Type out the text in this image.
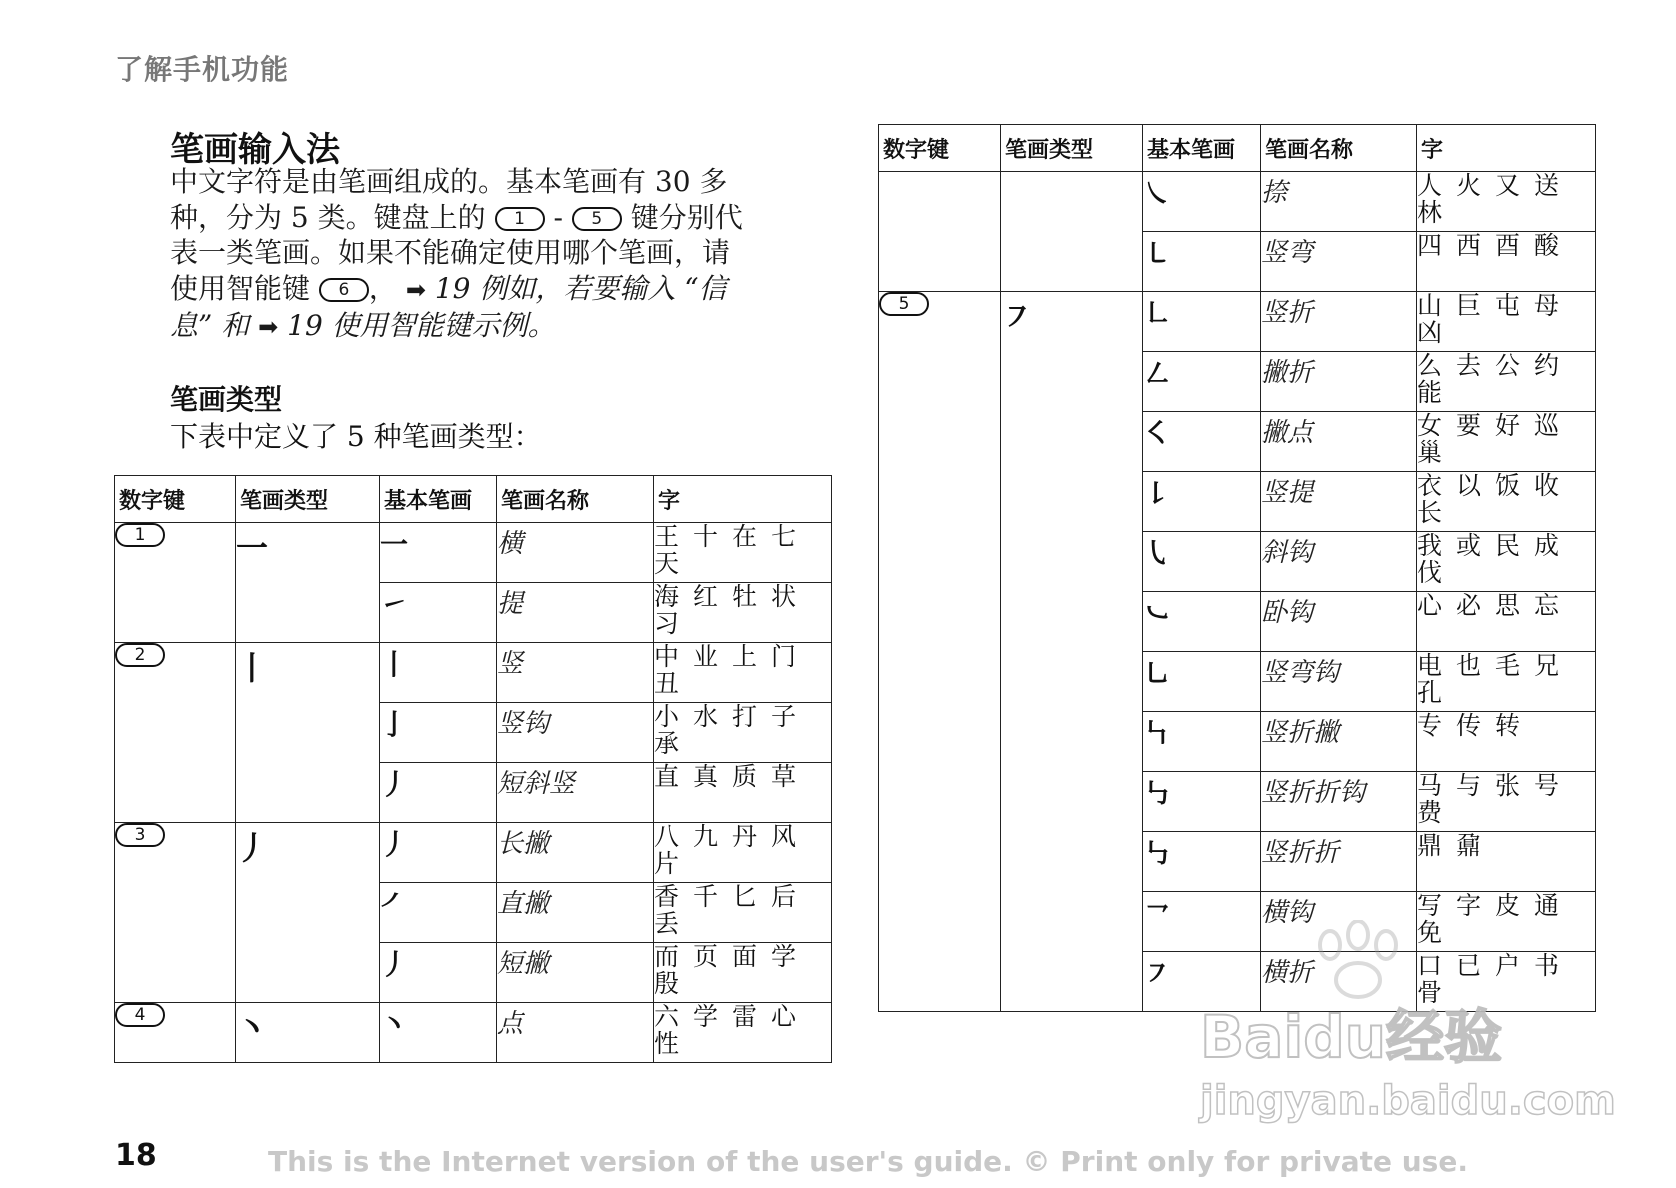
了解手机功能
笔画输入法
中文字符是由笔画组成的。基本笔画有 30 多
种，分为 5 类。键盘上的 1 - 5 键分别代
表一类笔画。如果不能确定使用哪个笔画，请
使用智能键 6 ， ➡ 19 例如，若要输入 “信
息” 和 ➡ 19 使用智能键示例。
笔画类型
下表中定义了 5 种笔画类型：
数字键	笔画类型	基本笔画	笔画名称	字
1	一	一	横	王十在七天
		㇀	提	海红牡状习
2	丨	丨	竖	中业上门丑
		亅	竖钩	小水打子承
		丿	短斜竖	直真质草
3	丿	丿	长撇	八九丹风片
		㇒	直撇	香千匕后丢
		丿	短撇	而页面学殷
4	丶	丶	点	六学雷心性
数字键	笔画类型	基本笔画	笔画名称	字
		㇏	捺	人火又送林
		㇄	竖弯	四西酉酸
5	㇇	㇗	竖折	山巨屯母凶
		㇜	撇折	么去公约能
		㇛	撇点	女要好巡巢
		㇙	竖提	衣以饭收长
		㇂	斜钩	我或民成伐
		㇃	卧钩	心必思忘
		㇟	竖弯钩	电也毛兄孔
		㇞	竖折撇	专传转
		㇉	竖折折钩	马与张号费
		㇉	竖折折	鼎鼐
		㇖	横钩	写字皮通免
		㇇	横折	口已户书骨
18	This is the Internet version of the user's guide. © Print only for private use.
Baidu经验
jingyan.baidu.com
